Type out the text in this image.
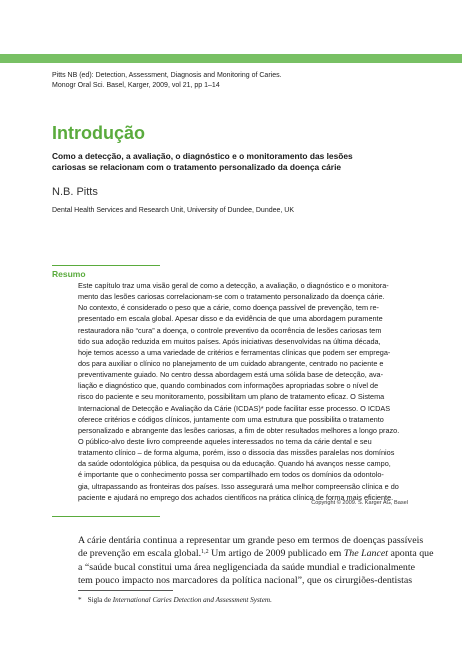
Pitts NB (ed): Detection, Assessment, Diagnosis and Monitoring of Caries.
Monogr Oral Sci. Basel, Karger, 2009, vol 21, pp 1–14
Introdução
Como a detecção, a avaliação, o diagnóstico e o monitoramento das lesões
cariosas se relacionam com o tratamento personalizado da doença cárie
N.B. Pitts
Dental Health Services and Research Unit, University of Dundee, Dundee, UK
Resumo
Este capítulo traz uma visão geral de como a detecção, a avaliação, o diagnóstico e o monitora-
mento das lesões cariosas correlacionam-se com o tratamento personalizado da doença cárie.
No contexto, é considerado o peso que a cárie, como doença passível de prevenção, tem re-
presentado em escala global. Apesar disso e da evidência de que uma abordagem puramente
restauradora não “cura” a doença, o controle preventivo da ocorrência de lesões cariosas tem
tido sua adoção reduzida em muitos países. Após iniciativas desenvolvidas na última década,
hoje temos acesso a uma variedade de critérios e ferramentas clínicas que podem ser emprega-
dos para auxiliar o clínico no planejamento de um cuidado abrangente, centrado no paciente e
preventivamente guiado. No centro dessa abordagem está uma sólida base de detecção, ava-
liação e diagnóstico que, quando combinados com informações apropriadas sobre o nível de
risco do paciente e seu monitoramento, possibilitam um plano de tratamento eficaz. O Sistema
Internacional de Detecção e Avaliação da Cárie (ICDAS)* pode facilitar esse processo. O ICDAS
oferece critérios e códigos clínicos, juntamente com uma estrutura que possibilita o tratamento
personalizado e abrangente das lesões cariosas, a fim de obter resultados melhores a longo prazo.
O público-alvo deste livro compreende aqueles interessados no tema da cárie dental e seu
tratamento clínico – de forma alguma, porém, isso o dissocia das missões paralelas nos domínios
da saúde odontológica pública, da pesquisa ou da educação. Quando há avanços nesse campo,
é importante que o conhecimento possa ser compartilhado em todos os domínios da odontolo-
gia, ultrapassando as fronteiras dos países. Isso assegurará uma melhor compreensão clínica e do
paciente e ajudará no emprego dos achados científicos na prática clínica de forma mais eficiente.
Copyright © 2009. S. Karger AG, Basel
A cárie dentária continua a representar um grande peso em termos de doenças passíveis
de prevenção em escala global.$^{1,2}$ Um artigo de 2009 publicado em The Lancet aponta que
a “saúde bucal constitui uma área negligenciada da saúde mundial e tradicionalmente
tem pouco impacto nos marcadores da política nacional”, que os cirurgiões-dentistas
* Sigla de International Caries Detection and Assessment System.
